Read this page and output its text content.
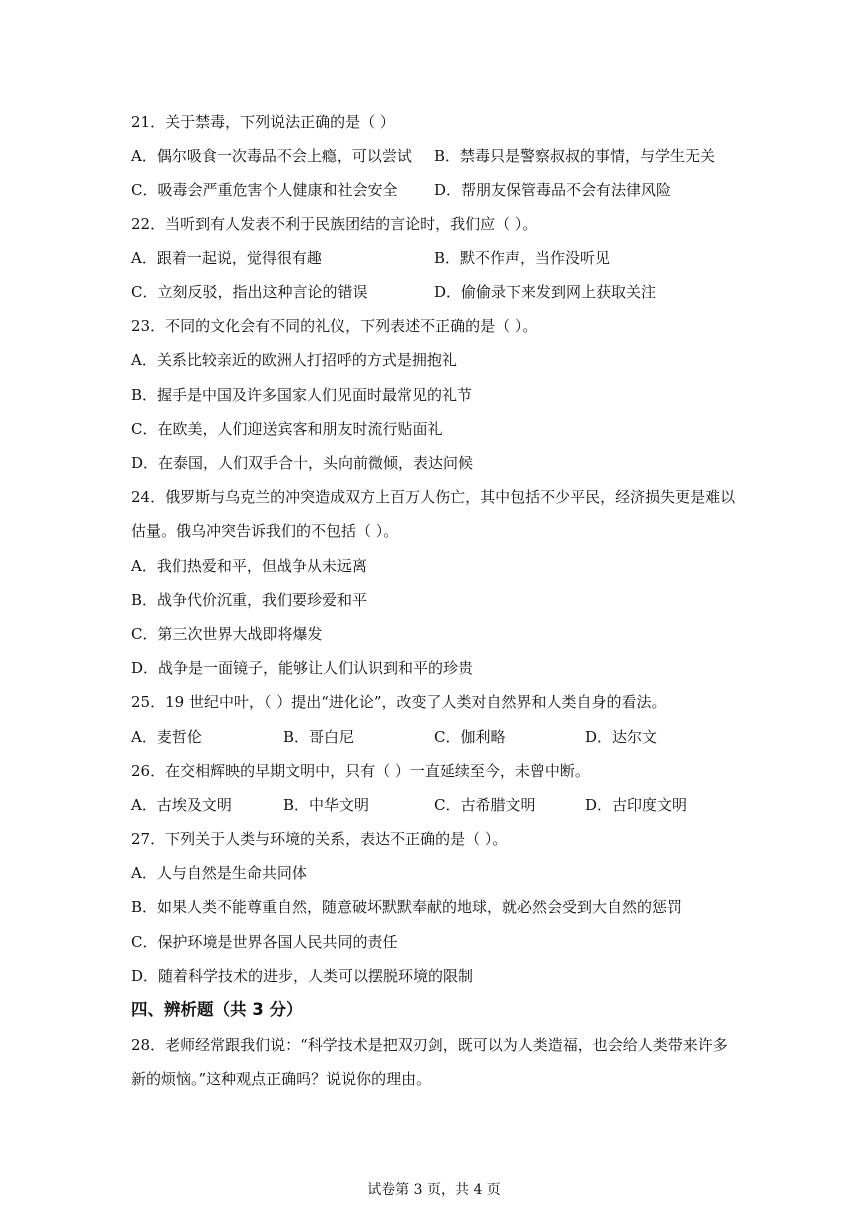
21．关于禁毒，下列说法正确的是（ ）
A．偶尔吸食一次毒品不会上瘾，可以尝试 B．禁毒只是警察叔叔的事情，与学生无关
C．吸毒会严重危害个人健康和社会安全 D．帮朋友保管毒品不会有法律风险
22．当听到有人发表不利于民族团结的言论时，我们应（ ）。
A．跟着一起说，觉得很有趣	B．默不作声，当作没听见
C．立刻反驳，指出这种言论的错误	D．偷偷录下来发到网上获取关注
23．不同的文化会有不同的礼仪，下列表述不正确的是（ ）。
A．关系比较亲近的欧洲人打招呼的方式是拥抱礼
B．握手是中国及许多国家人们见面时最常见的礼节
C．在欧美，人们迎送宾客和朋友时流行贴面礼
D．在泰国，人们双手合十，头向前微倾，表达问候
24．俄罗斯与乌克兰的冲突造成双方上百万人伤亡，其中包括不少平民，经济损失更是难以
估量。俄乌冲突告诉我们的不包括（ ）。
A．我们热爱和平，但战争从未远离
B．战争代价沉重，我们要珍爱和平
C．第三次世界大战即将爆发
D．战争是一面镜子，能够让人们认识到和平的珍贵
25．19 世纪中叶，（ ）提出“进化论”，改变了人类对自然界和人类自身的看法。
A．麦哲伦	B．哥白尼	C．伽利略	D．达尔文
26．在交相辉映的早期文明中，只有（ ）一直延续至今，未曾中断。
A．古埃及文明	B．中华文明	C．古希腊文明	D．古印度文明
27．下列关于人类与环境的关系，表达不正确的是（ ）。
A．人与自然是生命共同体
B．如果人类不能尊重自然，随意破坏默默奉献的地球，就必然会受到大自然的惩罚
C．保护环境是世界各国人民共同的责任
D．随着科学技术的进步，人类可以摆脱环境的限制
四、辨析题（共 3 分）
28．老师经常跟我们说：“科学技术是把双刃剑，既可以为人类造福，也会给人类带来许多
新的烦恼。”这种观点正确吗？说说你的理由。
试卷第 3 页，共 4 页
